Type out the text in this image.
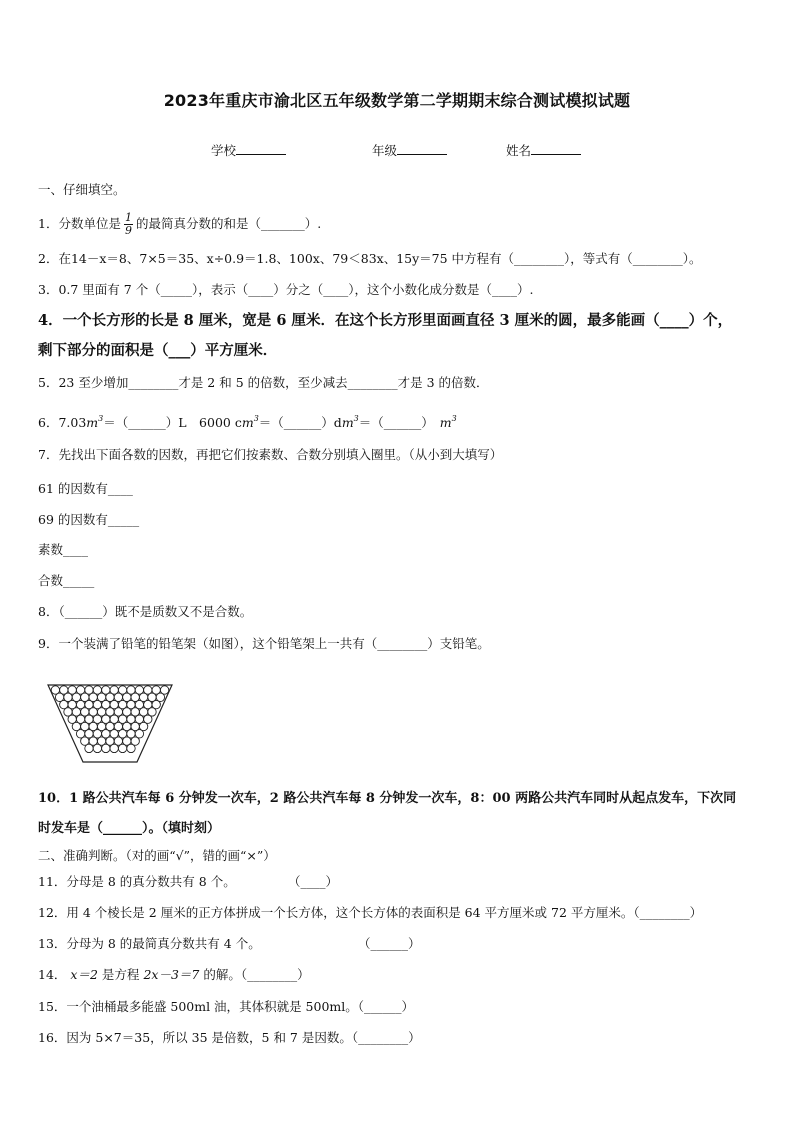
2023年重庆市渝北区五年级数学第二学期期末综合测试模拟试题
学校	年级	姓名
一、仔细填空。
1．分数单位是 $\frac{1}{9}$ 的最简真分数的和是（_______）.
2．在14－x＝8、7×5＝35、x÷0.9＝1.8、100x、79＜83x、15y＝75 中方程有（________），等式有（________）。
3．0.7 里面有 7 个（_____），表示（____）分之（____），这个小数化成分数是（____）.
4．一个长方形的长是 8 厘米，宽是 6 厘米．在这个长方形里面画直径 3 厘米的圆，最多能画（____）个，
剩下部分的面积是（___）平方厘米．
5．23 至少增加________才是 2 和 5 的倍数，至少减去________才是 3 的倍数．
6．$7.03m^3=(\_\_\_\_\_\_)L$　6000 $cm^3=(\_\_\_\_\_\_)dm^3=(\_\_\_\_\_\_)$ $m^3$
7．先找出下面各数的因数，再把它们按素数、合数分别填入圈里。（从小到大填写）
61 的因数有____
69 的因数有_____
素数____
合数_____
8．（______）既不是质数又不是合数。
9．一个装满了铅笔的铅笔架（如图），这个铅笔架上一共有（________）支铅笔。
10．1 路公共汽车每 6 分钟发一次车，2 路公共汽车每 8 分钟发一次车，8：00 两路公共汽车同时从起点发车，下次同
时发车是（______）。（填时刻）
二、准确判断。（对的画“√”，错的画“×”）
11．分母是 8 的真分数共有 8 个。	（____）
12．用 4 个棱长是 2 厘米的正方体拼成一个长方体，这个长方体的表面积是 64 平方厘米或 72 平方厘米。（________）
13．分母为 8 的最简真分数共有 4 个。	（______）
14． x＝2 是方程 2x－3＝7 的解。（________）
15．一个油桶最多能盛 500ml 油，其体积就是 500ml。（______）
16．因为 5×7＝35，所以 35 是倍数，5 和 7 是因数。（________）
